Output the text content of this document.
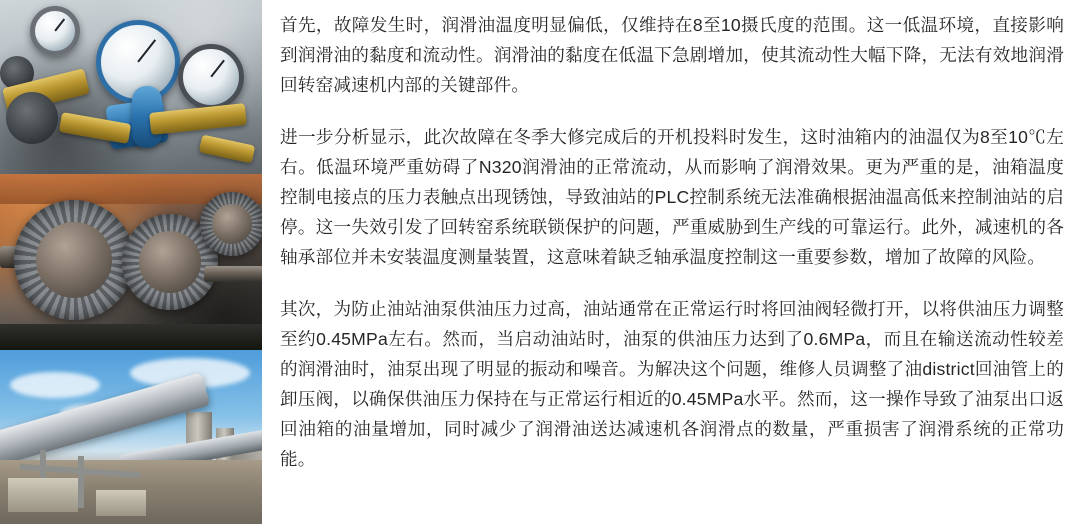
首先，故障发生时，润滑油温度明显偏低，仅维持在8至10摄氏度的范围。这一低温环境，直接影响到润滑油的黏度和流动性。润滑油的黏度在低温下急剧增加，使其流动性大幅下降，无法有效地润滑回转窑减速机内部的关键部件。

进一步分析显示，此次故障在冬季大修完成后的开机投料时发生，这时油箱内的油温仅为8至10℃左右。低温环境严重妨碍了N320润滑油的正常流动，从而影响了润滑效果。更为严重的是，油箱温度控制电接点的压力表触点出现锈蚀，导致油站的PLC控制系统无法准确根据油温高低来控制油站的启停。这一失效引发了回转窑系统联锁保护的问题，严重威胁到生产线的可靠运行。此外，减速机的各轴承部位并未安装温度测量装置，这意味着缺乏轴承温度控制这一重要参数，增加了故障的风险。

其次，为防止油站油泵供油压力过高，油站通常在正常运行时将回油阀轻微打开，以将供油压力调整至约0.45MPa左右。然而，当启动油站时，油泵的供油压力达到了0.6MPa，而且在输送流动性较差的润滑油时，油泵出现了明显的振动和噪音。为解决这个问题，维修人员调整了油district回油管上的卸压阀，以确保供油压力保持在与正常运行相近的0.45MPa水平。然而，这一操作导致了油泵出口返回油箱的油量增加，同时减少了润滑油送达减速机各润滑点的数量，严重损害了润滑系统的正常功能。
